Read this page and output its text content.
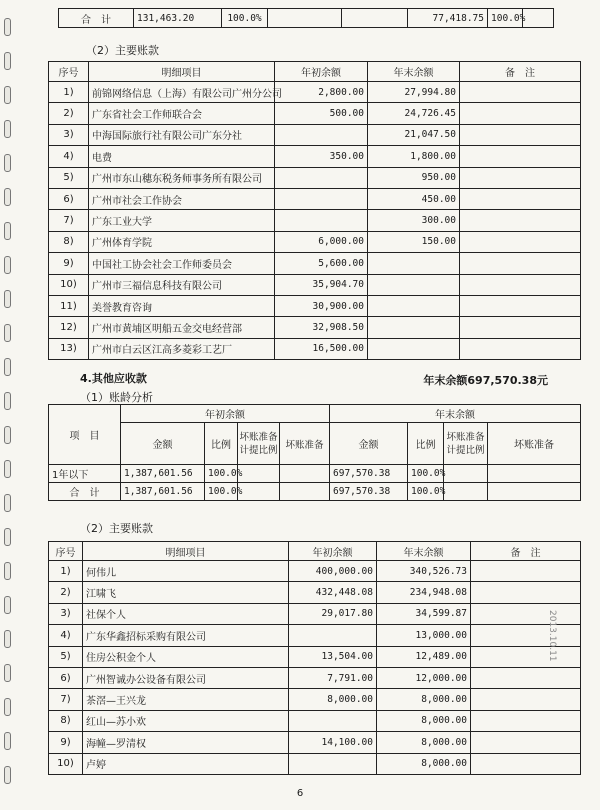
合　计	131,463.20	100.0%			77,418.75	100.0%	
（2）主要账款
序号	明细项目	年初余额	年末余额	备　注
1)	前锦网络信息（上海）有限公司广州分公司	2,800.00	27,994.80	
2)	广东省社会工作师联合会	500.00	24,726.45	
3)	中海国际旅行社有限公司广东分社		21,047.50	
4)	电费	350.00	1,800.00	
5)	广州市东山穗东税务师事务所有限公司		950.00	
6)	广州市社会工作协会		450.00	
7)	广东工业大学		300.00	
8)	广州体育学院	6,000.00	150.00	
9)	中国社工协会社会工作师委员会	5,600.00		
10)	广州市三福信息科技有限公司	35,904.70		
11)	美誉教育咨询	30,900.00		
12)	广州市黄埔区明船五金交电经营部	32,908.50		
13)	广州市白云区江高多菱彩工艺厂	16,500.00		
4.其他应收款	年末余额697,570.38元
（1）账龄分析
项　目	年初余额				年末余额			
	金额	比例	坏账准备计提比例	坏账准备	金额	比例	坏账准备计提比例	坏账准备
1年以下	1,387,601.56	100.0%			697,570.38	100.0%		
合　计	1,387,601.56	100.0%			697,570.38	100.0%		
（2）主要账款
序号	明细项目	年初余额	年末余额	备　注
1)	何伟儿	400,000.00	340,526.73	
2)	江啸飞	432,448.08	234,948.08	
3)	社保个人	29,017.80	34,599.87	
4)	广东华鑫招标采购有限公司		13,000.00	
5)	住房公积金个人	13,504.00	12,489.00	
6)	广州智诚办公设备有限公司	7,791.00	12,000.00	
7)	茶滘—王兴龙	8,000.00	8,000.00	
8)	红山—苏小欢		8,000.00	
9)	海幢—罗清权	14,100.00	8,000.00	
10)	卢婷		8,000.00	
2013.10.11
6
